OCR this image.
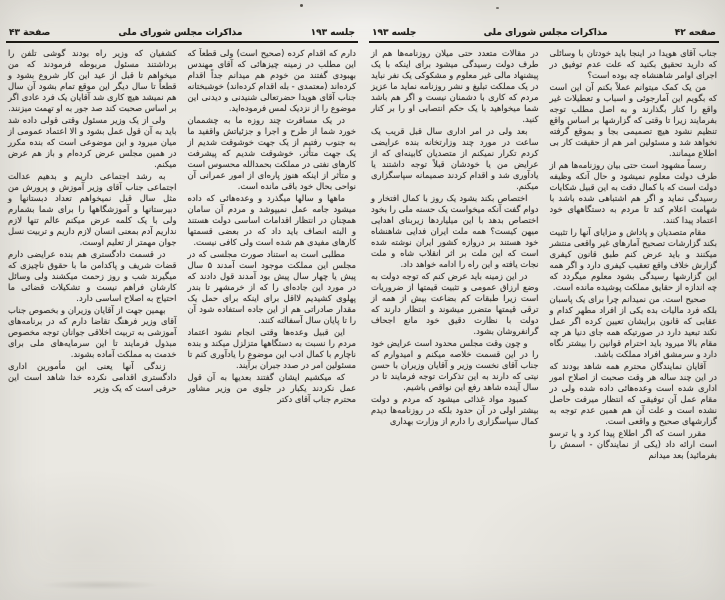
صفحه ۴۲
مذاکرات مجلس شورای ملی
جلسه ۱۹۳

جناب آقای هویدا در اینجا باید خودتان با وسائلی که دارید تحقیق بکنید که علت عدم توفیق در اجرای اوامر شاهنشاه چه بوده است؟

من یک کمک میتوانم عملاً بکنم آن این است که بگویم این آمارجوئی و اسباب و تعطیلات غیر واقع را کنار بگذارند و به اصل مطلب توجه بفرمایند زیرا تا وقتی که گزارشها بر اساس واقع تنظیم نشود هیچ تصمیمی بجا و بموقع گرفته نخواهد شد و مسئولین امر هم از حقیقت کار بی اطلاع میمانند.

رسماً مشهود است حتی بیان روزنامه‌ها هم از طرف دولت معلوم نمیشود و حال آنکه وظیفه دولت است که با کمال دقت به این قبیل شکایات رسیدگی نماید و اگر هم اشتباهی شده باشد با شهامت اعلام کند تا مردم به دستگاههای خود اعتماد پیدا کنند.

مقام متصدیان و پاداش و مزایای آنها را تثبیت بکند گزارشات تصحیح آمارهای غیر واقعی منتشر میکنند و باید عرض کنم طبق قانون کیفری گزارش خلاف واقع تعقیب کیفری دارد و اگر همه این گزارشها رسیدگی بشود معلوم میگردد که چه اندازه از حقایق مملکت پوشیده مانده است.

صحیح است. من نمیدانم چرا برای یک پاسبان بلکه فرد مالیات بده یکی از افراد مطهر کدام و عقابی که قانون برایشان تعیین کرده اگر عمل نکند تبعید دارد در صورتیکه همه جای دنیا هر چه مقام بالا میرود باید احترام قوانین را بیشتر نگاه دارد و سرمشق افراد مملکت باشد.

آقایان نمایندگان محترم همه شاهد بودند که در این چند ساله هر وقت صحبت از اصلاح امور اداری شده است وعده‌هائی داده شده ولی در مقام عمل آن توفیقی که انتظار میرفت حاصل نشده است و علت آن هم همین عدم توجه به گزارشهای صحیح و واقعی است.

مقرر است که اگر اطلاع پیدا کرد و یا ترسو است ارائه داد (یکی از نمایندگان - اسمش را بفرمائید) بعد میدانم

در مقالات متعدد حتی میلان روزنامه‌ها هم از طرف دولت رسیدگی میشود برای اینکه با یک پیشنهاد مالی غیر معلوم و مشکوکی یک نفر نباید در یک مملکت تبلیغ و نشر روزنامه نماید ما عزیز مردم که کاری با دشمنان نیست و اگر هم باشد شما میخواهید با یک حکم انتصابی او را بر کنار کنید.

بعد ولی در امر اداری سال قبل قریب یک ساعت در مورد چند وزارتخانه بنده عرایضی کردم تکرار نمیکنم از متصدیان کابینه‌ای که از عرایض من یا خودشان قبلاً توجه داشتند یا یادآوری شد و اقدام کردند صمیمانه سپاسگزاری میکنم.

اختصاص بکند بشود یک روز با کمال افتخار و دوام گفت آنکه میخواست یک حسنه ملی را بخود اختصاص بدهد با این میلیاردها زیربنای اهدایی میهن کیست؟ همه ملت ایران فدایی شاهنشاه خود هستند بر دروازه کشور ایران نوشته شده است که این ملت بر اثر انقلاب شاه و ملت نجات یافته و این راه را ادامه خواهد داد.

در این زمینه باید عرض کنم که توجه دولت به وضع ارزاق عمومی و تثبیت قیمتها از ضروریات است زیرا طبقات کم بضاعت بیش از همه از ترقی قیمتها متضرر میشوند و انتظار دارند که دولت با نظارت دقیق خود مانع اجحاف گرانفروشان بشود.

و چون وقت مجلس محدود است عرایض خود را در این قسمت خلاصه میکنم و امیدوارم که جناب آقای نخست وزیر و آقایان وزیران با حسن نیتی که دارند به این تذکرات توجه فرمایند تا در سال آینده شاهد رفع این نواقص باشیم.

کمبود مواد غذائی میشود که مردم و دولت بیشتر اولی در آن حدود بلکه در روزنامه‌ها دیدم کمال سپاسگزاری را دارم از وزارت بهداری

جلسه ۱۹۳
مذاکرات مجلس شورای ملی
صفحة ۴۳

دارم که اقدام کرده (صحیح است) ولی قطعاً که این مطلب در زمینه چیزهائی که آقای مهندس بهبودی گفتند من خودم هم میدانم جداً اقدام کرده‌اند (معتمدی - بله اقدام کرده‌اند) خوشبختانه جناب آقای هویدا حضرتعالی شنیدنی و دیدنی این موضوع را از نزدیک لمس فرموده‌اید.

در یک مسافرت چند روزه ما به چشممان خورد شما از طرح و اجرا و جزئیاتش واقفید ما به جنوب رفتیم از یک جهت خوشوقت شدیم از یک جهت متأثر، خوشوقت شدیم که پیشرفت کارهای نفتی در مملکت بحمدالله محسوس است و متأثر از اینکه هنوز پاره‌ای از امور عمرانی آن نواحی بحال خود باقی مانده است.

ماهها و سالها میگذرد و وعده‌هائی که داده میشود جامه عمل نمیپوشد و مردم آن سامان همچنان در انتظار اقدامات اساسی دولت هستند و البته انصاف باید داد که در بعضی قسمتها کارهای مفیدی هم شده است ولی کافی نیست.

مطلبی است به استناد صورت مجلسی که در مجلس این مملکت موجود است آمدند ۵ سال پیش یا چهار سال پیش بود آمدند قول دادند که در مورد این جاده‌ای را که از خرمشهر تا بندر پهلوی کشیدیم لااقل برای اینکه برای حمل یک مقدار صادراتی هم از این جاده استفاده شود آن را تا پایان سال آسفالته کنند.

این قبیل وعده‌ها وقتی انجام نشود اعتماد مردم را نسبت به دستگاهها متزلزل میکند و بنده ناچارم با کمال ادب این موضوع را یادآوری کنم تا مسئولین امر در صدد جبران برآیند.

که میکشیم ایشان گفتند بعدیها به آن قول عمل نکردند یکبار در جلوی من وزیر مشاور محترم جناب آقای دکتر

کشفیان که وزیر راه بودند گوشی تلفن را برداشتند مسئول مربوطه فرمودند که من میخواهم تا قبل از عید این کار شروع بشود و قطعاً تا سال دیگر این موقع تمام بشود آن سال هم نمیشد هیچ کاری شد آقایان یک فرد عادی اگر بر اساس صحبت کند صد جور به او تهمت میزنند.

ولی از یک وزیر مسئول وقتی قولی داده شد باید به آن قول عمل بشود و الا اعتماد عمومی از میان میرود و این موضوعی است که بنده مکرر در همین مجلس عرض کرده‌ام و باز هم عرض میکنم.

به رشد اجتماعی داریم و بدهیم عدالت اجتماعی جناب آقای وزیر آموزش و پرورش من مثل سال قبل نمیخواهم تعداد دبستانها و دبیرستانها و آموزشگاهها را برای شما بشمارم ولی با یک کلمه عرض میکنم عالم تنها لازم نداریم آدم بمعنی انسان لازم داریم و تربیت نسل جوان مهمتر از تعلیم اوست.

در قسمت دادگستری هم بنده عرایضی دارم قضات شریف و پاکدامن ما با حقوق ناچیزی که میگیرند شب و روز زحمت میکشند ولی وسائل کارشان فراهم نیست و تشکیلات قضائی ما احتیاج به اصلاح اساسی دارد.

بهمین جهت از آقایان وزیران و بخصوص جناب آقای وزیر فرهنگ تقاضا دارم که در برنامه‌های آموزشی به تربیت اخلاقی جوانان توجه مخصوص مبذول فرمایند تا این سرمایه‌های ملی برای خدمت به مملکت آماده بشوند.

زندگی آنها یعنی این مأمورین اداری دادگستری اقدامی نکرده خدا شاهد است این حرفی است که یک وزیر
